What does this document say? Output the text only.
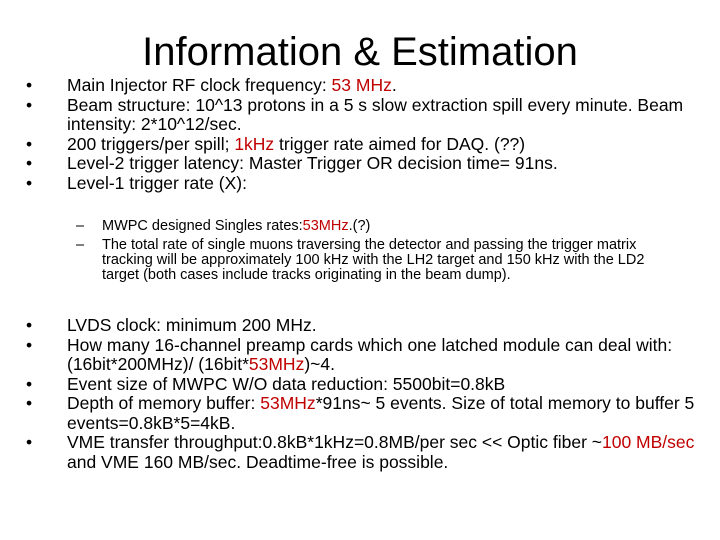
Information & Estimation
• Main Injector RF clock frequency: 53 MHz.
• Beam structure: 10^13 protons in a 5 s slow extraction spill every minute. Beam intensity: 2*10^12/sec.
• 200 triggers/per spill; 1kHz trigger rate aimed for DAQ. (??)
• Level-2 trigger latency: Master Trigger OR decision time= 91ns.
• Level-1 trigger rate (X):
– MWPC designed Singles rates:53MHz.(?)
– The total rate of single muons traversing the detector and passing the trigger matrix tracking will be approximately 100 kHz with the LH2 target and 150 kHz with the LD2 target (both cases include tracks originating in the beam dump).
• LVDS clock: minimum 200 MHz.
• How many 16-channel preamp cards which one latched module can deal with: (16bit*200MHz)/ (16bit*53MHz)~4.
• Event size of MWPC W/O data reduction: 5500bit=0.8kB
• Depth of memory buffer: 53MHz*91ns~ 5 events. Size of total memory to buffer 5 events=0.8kB*5=4kB.
• VME transfer throughput:0.8kB*1kHz=0.8MB/per sec << Optic fiber ~100 MB/sec and VME 160 MB/sec. Deadtime-free is possible.
